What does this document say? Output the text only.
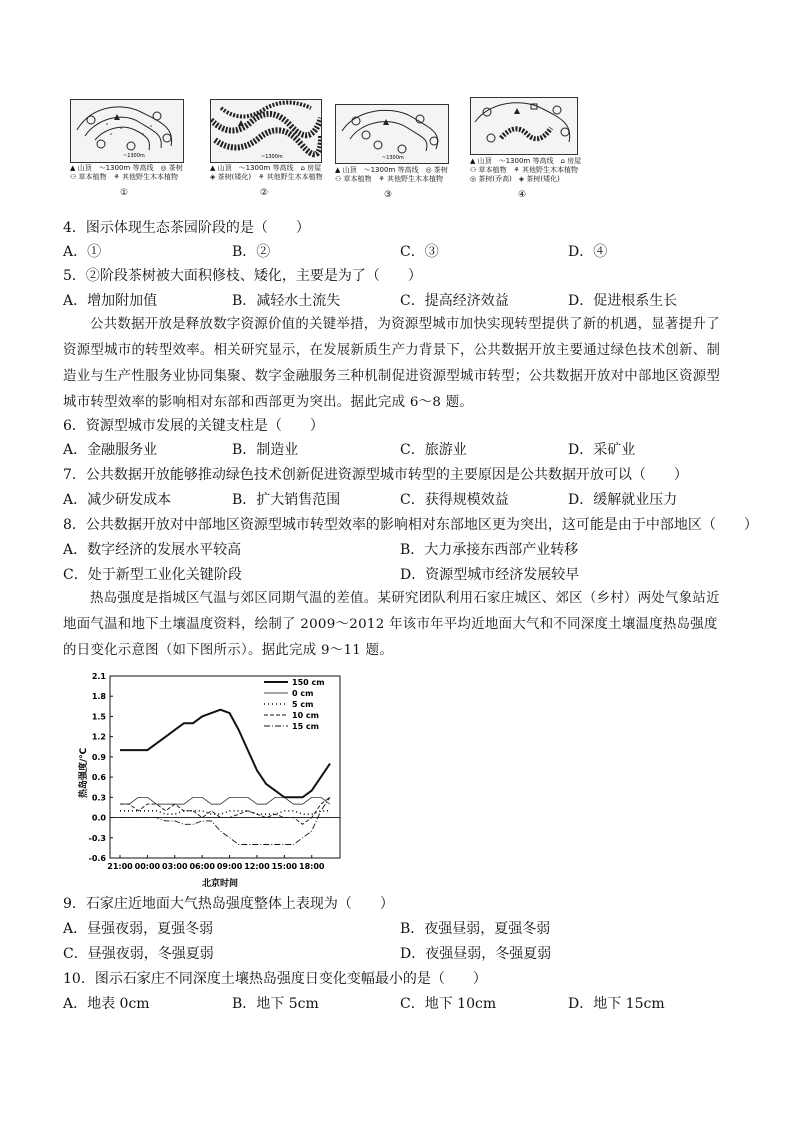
~1300m
▲ 山顶　～1300m 等高线　◎ 茶树
⚇ 草本植物　⚘ 其他野生木本植物
①
~1300m
▲ 山顶　～1300m 等高线　⌂ 房屋
◈ 茶树(矮化)　⚘ 其他野生木本植物
②
~1300m
▲ 山顶　～1300m 等高线　◎ 茶树
⚇ 草本植物　⚘ 其他野生木本植物
③
▲ 山顶　～1300m 等高线　⌂ 房屋
⚇ 草本植物　⚘ 其他野生木本植物
◎ 茶树(乔高)　◈ 茶树(矮化)
④
4．图示体现生态茶园阶段的是（　　）
A．①	B．②	C．③	D．④
5．②阶段茶树被大面积修枝、矮化，主要是为了（　　）
A．增加附加值	B．减轻水土流失	C．提高经济效益	D．促进根系生长
公共数据开放是释放数字资源价值的关键举措，为资源型城市加快实现转型提供了新的机遇，显著提升了资源型城市的转型效率。相关研究显示，在发展新质生产力背景下，公共数据开放主要通过绿色技术创新、制造业与生产性服务业协同集聚、数字金融服务三种机制促进资源型城市转型；公共数据开放对中部地区资源型城市转型效率的影响相对东部和西部更为突出。据此完成 6～8 题。
6．资源型城市发展的关键支柱是（　　）
A．金融服务业	B．制造业	C．旅游业	D．采矿业
7．公共数据开放能够推动绿色技术创新促进资源型城市转型的主要原因是公共数据开放可以（　　）
A．减少研发成本	B．扩大销售范围	C．获得规模效益	D．缓解就业压力
8．公共数据开放对中部地区资源型城市转型效率的影响相对东部地区更为突出，这可能是由于中部地区（　　）
A．数字经济的发展水平较高	B．大力承接东西部产业转移
C．处于新型工业化关键阶段	D．资源型城市经济发展较早
热岛强度是指城区气温与郊区同期气温的差值。某研究团队利用石家庄城区、郊区（乡村）两处气象站近地面气温和地下土壤温度资料，绘制了 2009～2012 年该市年平均近地面大气和不同深度土壤温度热岛强度的日变化示意图（如下图所示）。据此完成 9～11 题。
2.1
1.8
1.5
1.2
0.9
0.6
0.3
0.0
-0.3
-0.6
21:00 00:00 03:00 06:00 09:00 12:00 15:00 18:00
150 cm
0 cm
5 cm
10 cm
15 cm
热岛强度/℃
北京时间
9．石家庄近地面大气热岛强度整体上表现为（　　）
A．昼强夜弱，夏强冬弱	B．夜强昼弱，夏强冬弱
C．昼强夜弱，冬强夏弱	D．夜强昼弱，冬强夏弱
10．图示石家庄不同深度土壤热岛强度日变化变幅最小的是（　　）
A．地表 0cm	B．地下 5cm	C．地下 10cm	D．地下 15cm
